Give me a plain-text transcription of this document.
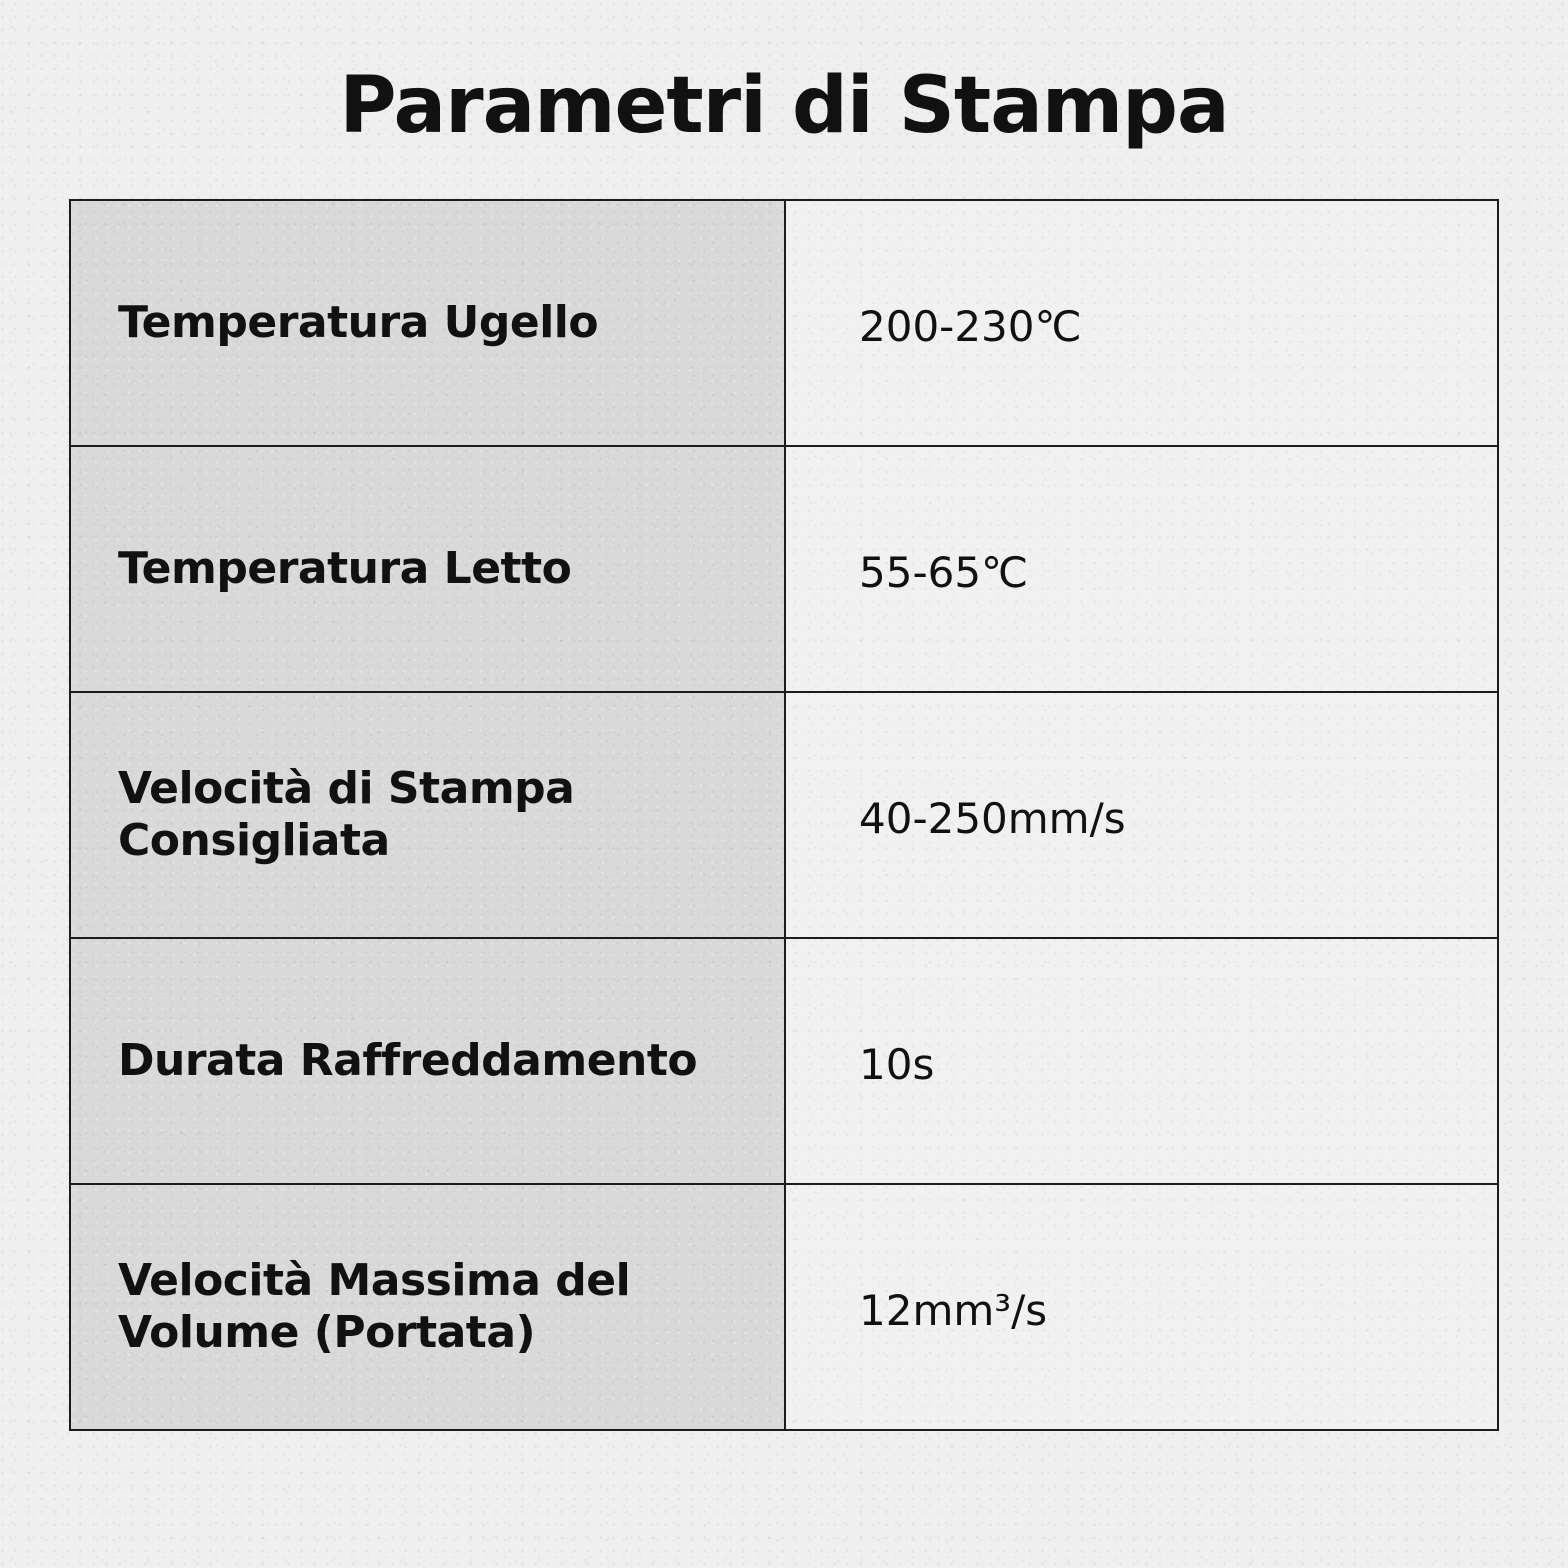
Parametri di Stampa
Temperatura Ugello	200-230℃

Temperatura Letto	55-65℃

Velocità di Stampa Consigliata	40-250mm/s

Durata Raffreddamento	10s

Velocità Massima del Volume (Portata)	12mm³/s
